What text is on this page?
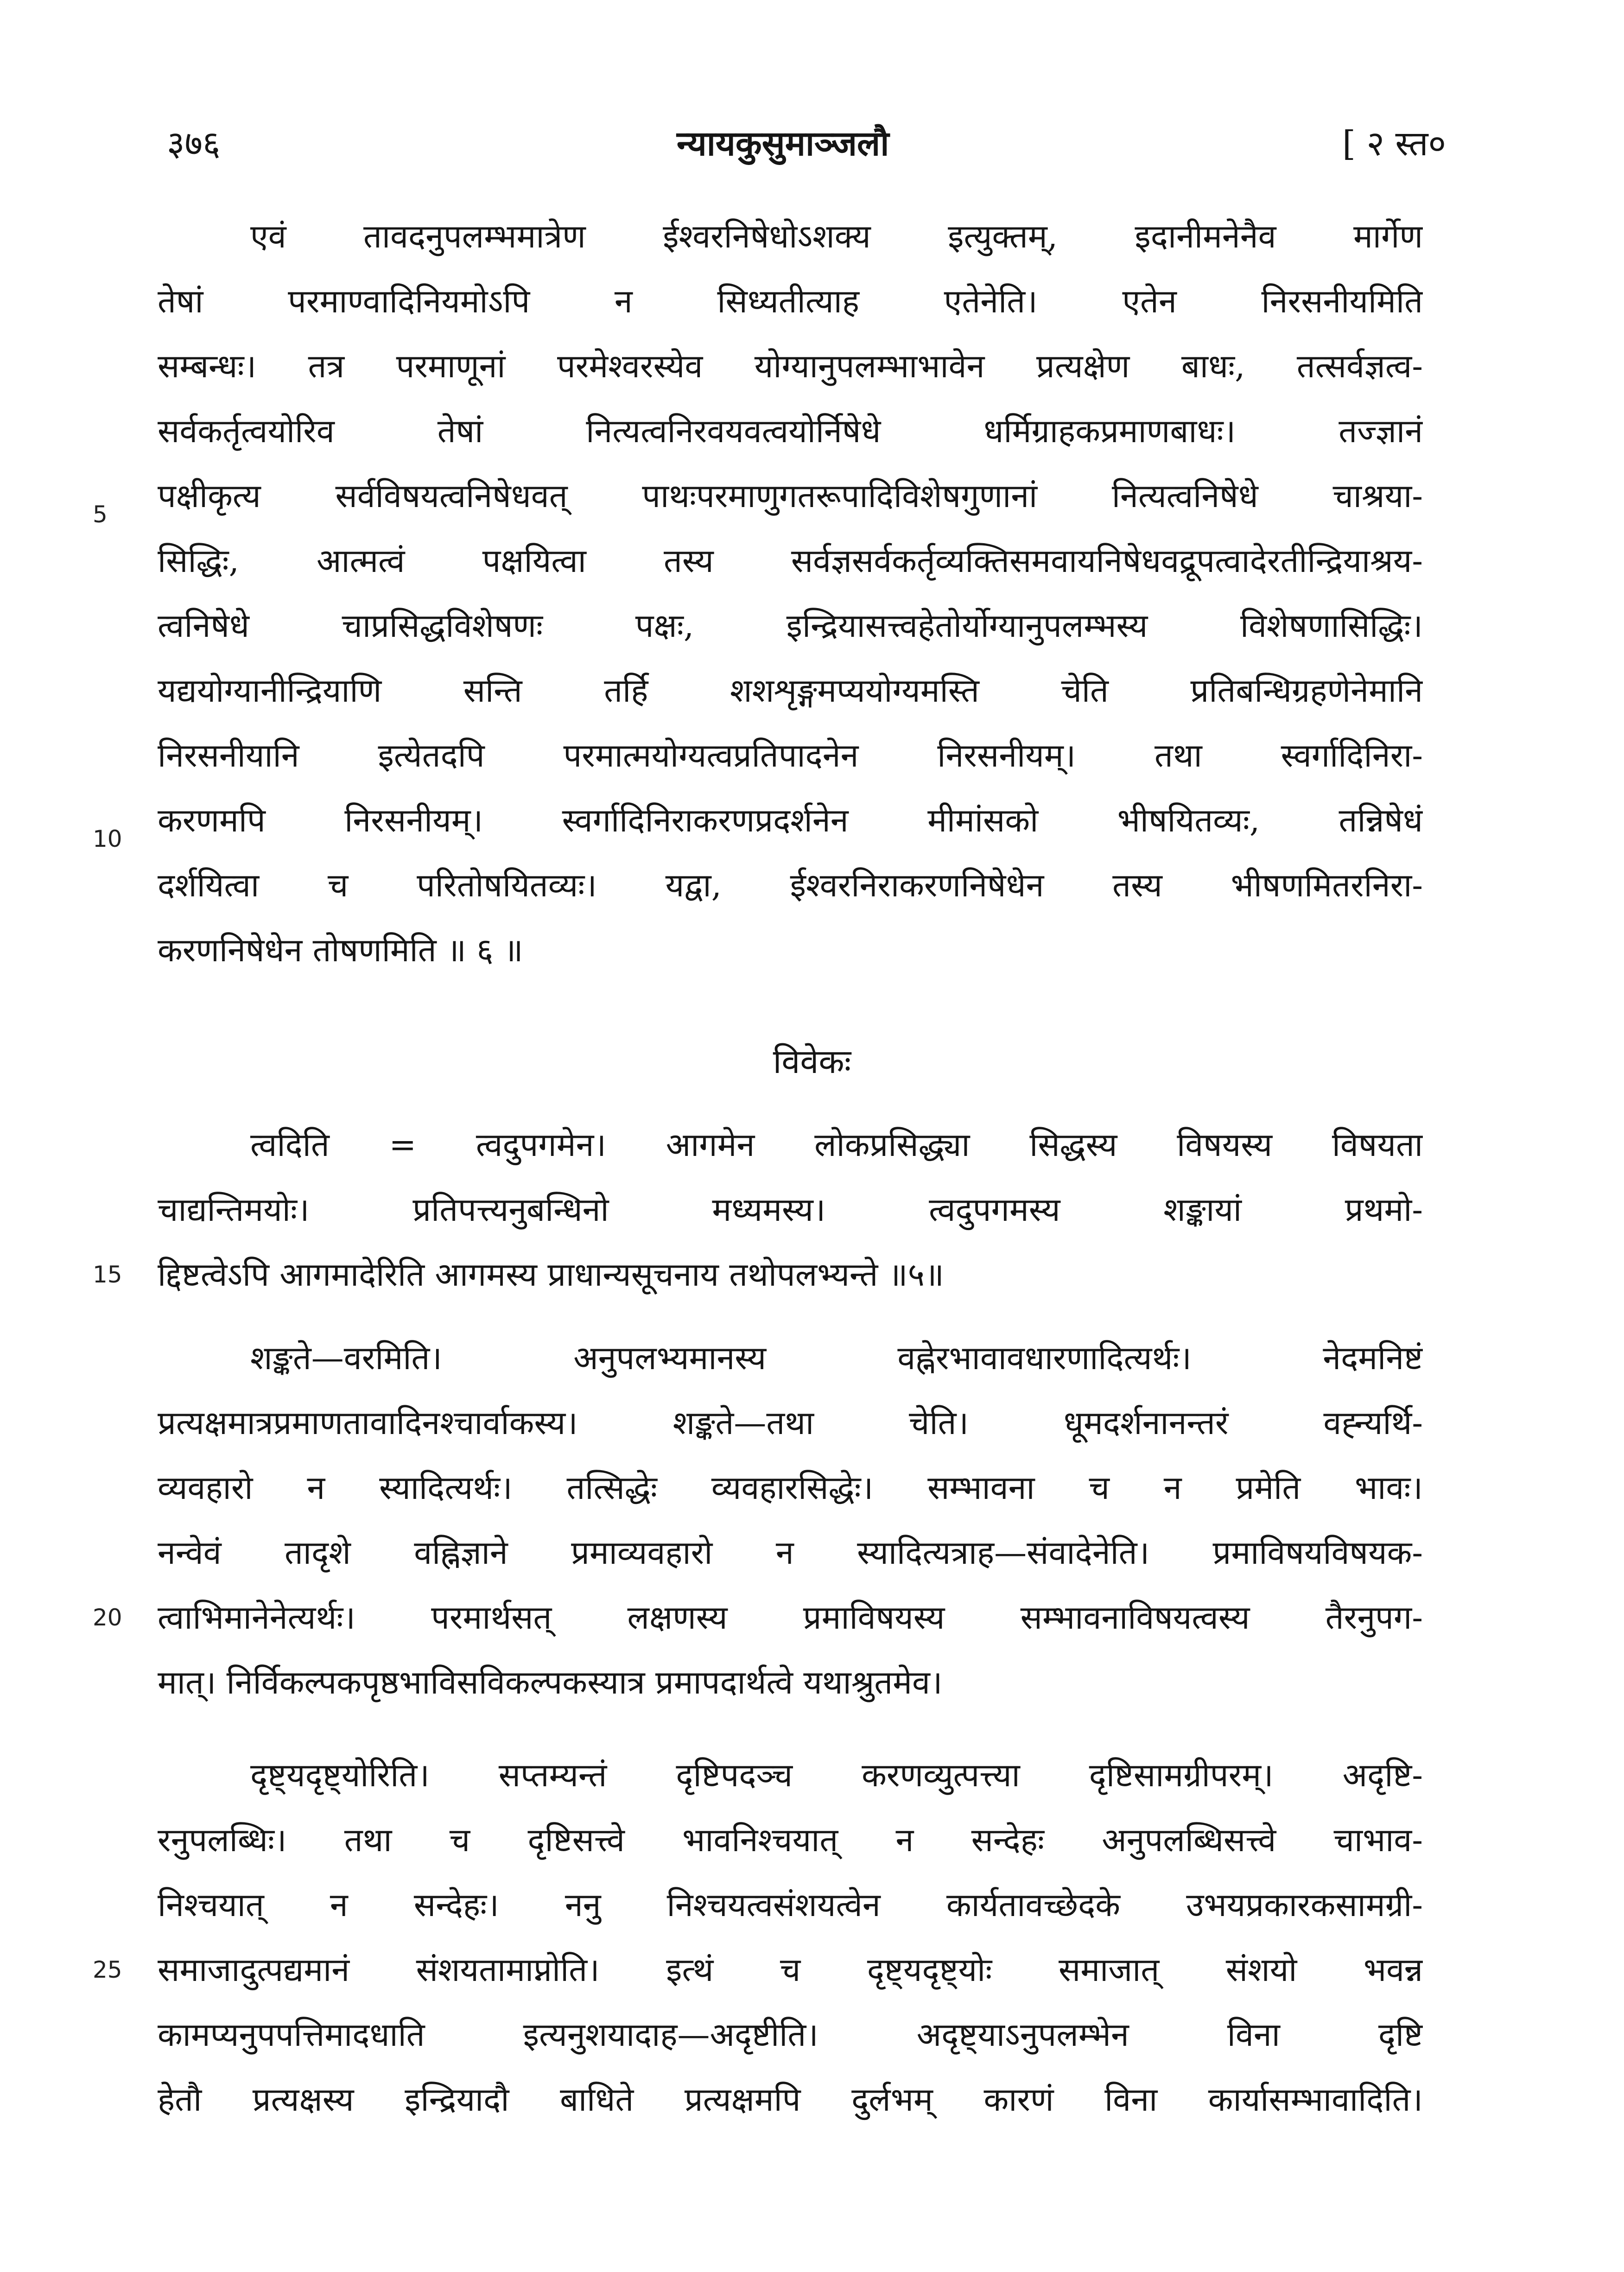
३७६	न्यायकुसुमाञ्जलौ	[ २ स्त०
एवं तावदनुपलम्भमात्रेण ईश्वरनिषेधोऽशक्य इत्युक्तम्, इदानीमनेनैव मार्गेण
तेषां परमाण्वादिनियमोऽपि न सिध्यतीत्याह एतेनेति। एतेन निरसनीयमिति
सम्बन्धः। तत्र परमाणूनां परमेश्वरस्येव योग्यानुपलम्भाभावेन प्रत्यक्षेण बाधः, तत्सर्वज्ञत्व-
सर्वकर्तृत्वयोरिव तेषां नित्यत्वनिरवयवत्वयोर्निषेधे धर्मिग्राहकप्रमाणबाधः। तज्ज्ञानं
पक्षीकृत्य सर्वविषयत्वनिषेधवत् पाथःपरमाणुगतरूपादिविशेषगुणानां नित्यत्वनिषेधे चाश्रया-
सिद्धिः, आत्मत्वं पक्षयित्वा तस्य सर्वज्ञसर्वकर्तृव्यक्तिसमवायनिषेधवद्रूपत्वादेरतीन्द्रियाश्रय-
त्वनिषेधे चाप्रसिद्धविशेषणः पक्षः, इन्द्रियासत्त्वहेतोर्योग्यानुपलम्भस्य विशेषणासिद्धिः।
यद्ययोग्यानीन्द्रियाणि सन्ति तर्हि शशशृङ्गमप्ययोग्यमस्ति चेति प्रतिबन्धिग्रहणेनेमानि
निरसनीयानि इत्येतदपि परमात्मयोग्यत्वप्रतिपादनेन निरसनीयम्। तथा स्वर्गादिनिरा-
करणमपि निरसनीयम्। स्वर्गादिनिराकरणप्रदर्शनेन मीमांसको भीषयितव्यः, तन्निषेधं
दर्शयित्वा च परितोषयितव्यः। यद्वा, ईश्वरनिराकरणनिषेधेन तस्य भीषणमितरनिरा-
करणनिषेधेन तोषणमिति ॥ ६ ॥
विवेकः
त्वदिति = त्वदुपगमेन। आगमेन लोकप्रसिद्ध्या सिद्धस्य विषयस्य विषयता
चाद्यन्तिमयोः। प्रतिपत्त्यनुबन्धिनो मध्यमस्य। त्वदुपगमस्य शङ्कायां प्रथमो-
द्दिष्टत्वेऽपि आगमादेरिति आगमस्य प्राधान्यसूचनाय तथोपलभ्यन्ते ॥५॥
शङ्कते—वरमिति। अनुपलभ्यमानस्य वह्नेरभावावधारणादित्यर्थः। नेदमनिष्टं
प्रत्यक्षमात्रप्रमाणतावादिनश्चार्वाकस्य। शङ्कते—तथा चेति। धूमदर्शनानन्तरं वह्न्यर्थि-
व्यवहारो न स्यादित्यर्थः। तत्सिद्धेः व्यवहारसिद्धेः। सम्भावना च न प्रमेति भावः।
नन्वेवं तादृशे वह्निज्ञाने प्रमाव्यवहारो न स्यादित्यत्राह—संवादेनेति। प्रमाविषयविषयक-
त्वाभिमानेनेत्यर्थः। परमार्थसत् लक्षणस्य प्रमाविषयस्य सम्भावनाविषयत्वस्य तैरनुपग-
मात्। निर्विकल्पकपृष्ठभाविसविकल्पकस्यात्र प्रमापदार्थत्वे यथाश्रुतमेव।
दृष्ट्यदृष्ट्योरिति। सप्तम्यन्तं दृष्टिपदञ्च करणव्युत्पत्त्या दृष्टिसामग्रीपरम्। अदृष्टि-
रनुपलब्धिः। तथा च दृष्टिसत्त्वे भावनिश्चयात् न सन्देहः अनुपलब्धिसत्त्वे चाभाव-
निश्चयात् न सन्देहः। ननु निश्चयत्वसंशयत्वेन कार्यतावच्छेदके उभयप्रकारकसामग्री-
समाजादुत्पद्यमानं संशयतामाप्नोति। इत्थं च दृष्ट्यदृष्ट्योः समाजात् संशयो भवन्न
कामप्यनुपपत्तिमादधाति इत्यनुशयादाह—अदृष्टीति। अदृष्ट्याऽनुपलम्भेन विना दृष्टि
हेतौ प्रत्यक्षस्य इन्द्रियादौ बाधिते प्रत्यक्षमपि दुर्लभम् कारणं विना कार्यासम्भावादिति।
5
10
15
20
25
